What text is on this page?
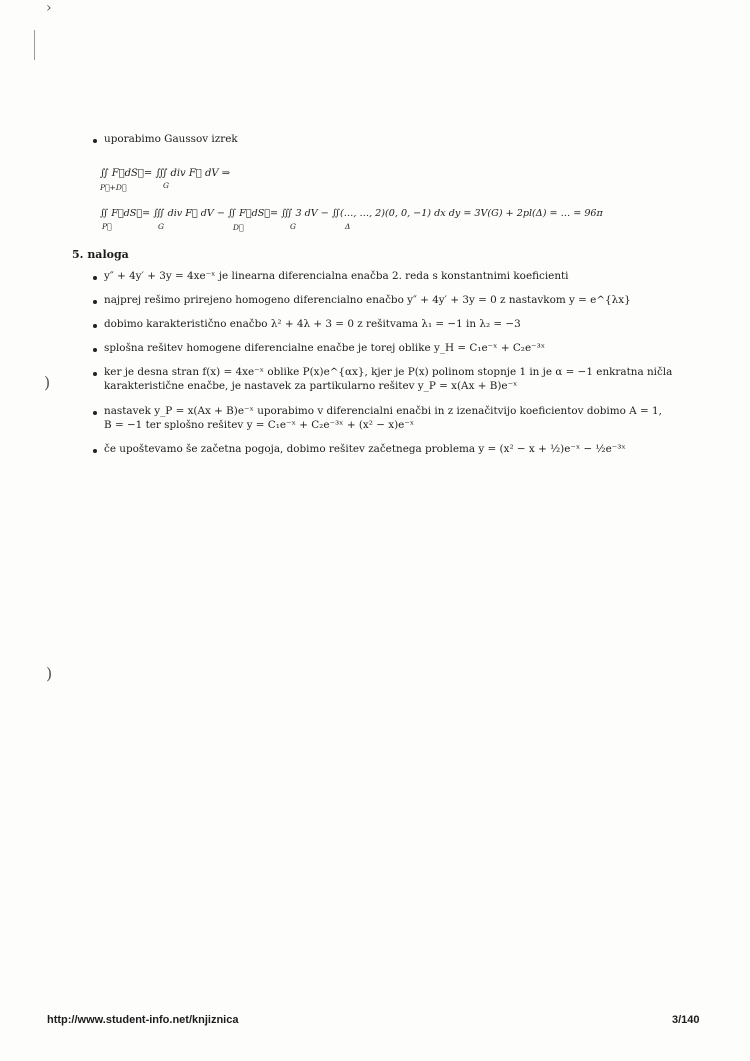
›
)
)
uporabimo Gaussov izrek
∬ F⃗dS⃗= ∭ div F⃗ dV ⇒
P⃗+D⃗	G
∬ F⃗dS⃗= ∭ div F⃗ dV − ∬ F⃗dS⃗= ∭ 3 dV − ∬(…, …, 2)(0, 0, −1) dx dy = 3V(G) + 2pl(Δ) = … = 96π
P⃗	G	D⃗	G	Δ
5. naloga
y″ + 4y′ + 3y = 4xe⁻ˣ je linearna diferencialna enačba 2. reda s konstantnimi koeficienti
najprej rešimo prirejeno homogeno diferencialno enačbo y″ + 4y′ + 3y = 0 z nastavkom y = e^{λx}
dobimo karakteristično enačbo λ² + 4λ + 3 = 0 z rešitvama λ₁ = −1 in λ₂ = −3
splošna rešitev homogene diferencialne enačbe je torej oblike y_H = C₁e⁻ˣ + C₂e⁻³ˣ
ker je desna stran f(x) = 4xe⁻ˣ oblike P(x)e^{αx}, kjer je P(x) polinom stopnje 1 in je α = −1 enkratna ničla
karakteristične enačbe, je nastavek za partikularno rešitev y_P = x(Ax + B)e⁻ˣ
nastavek y_P = x(Ax + B)e⁻ˣ uporabimo v diferencialni enačbi in z izenačitvijo koeficientov dobimo A = 1,
B = −1 ter splošno rešitev y = C₁e⁻ˣ + C₂e⁻³ˣ + (x² − x)e⁻ˣ
če upoštevamo še začetna pogoja, dobimo rešitev začetnega problema y = (x² − x + ½)e⁻ˣ − ½e⁻³ˣ
http://www.student-info.net/knjiznica	3/140
